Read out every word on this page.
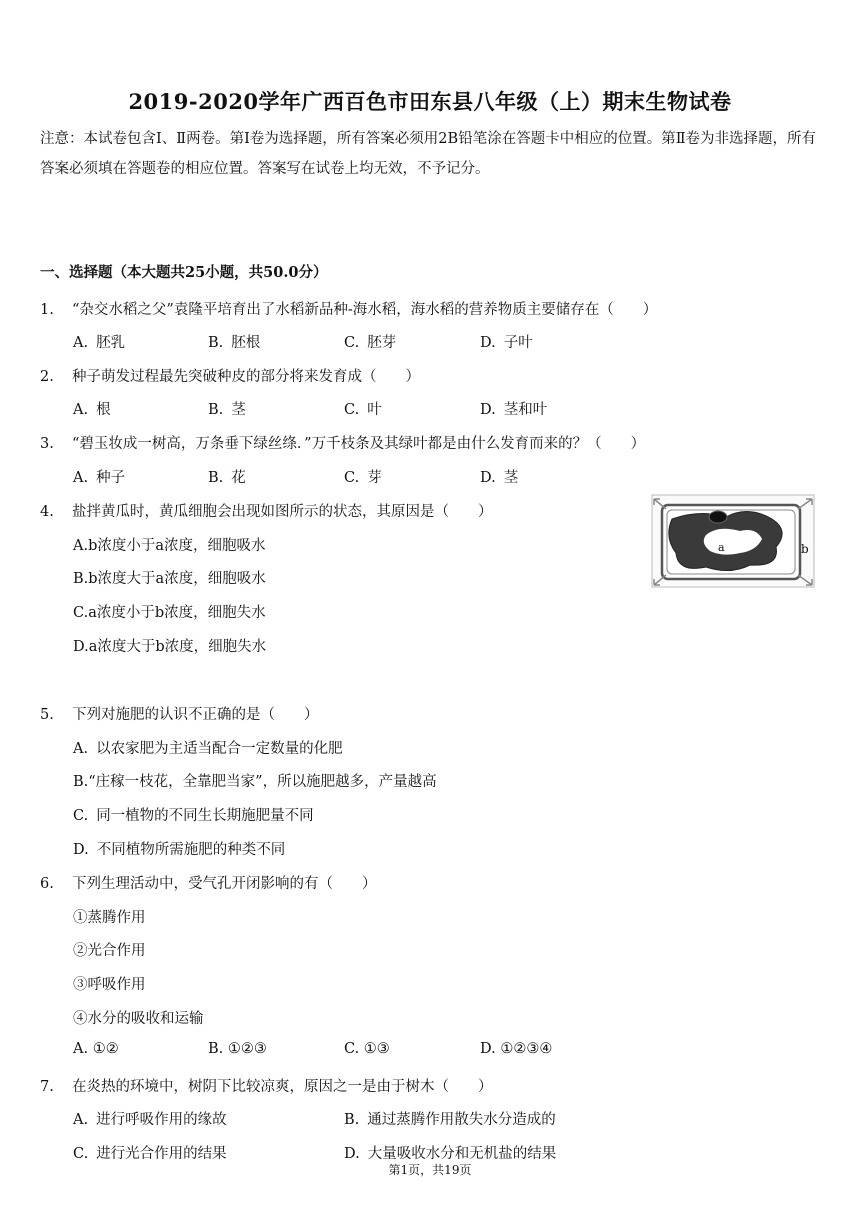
2019-2020学年广西百色市田东县八年级（上）期末生物试卷
注意：本试卷包含Ⅰ、Ⅱ两卷。第Ⅰ卷为选择题，所有答案必须用2B铅笔涂在答题卡中相应的位置。第Ⅱ卷为非选择题，所有答案必须填在答题卷的相应位置。答案写在试卷上均无效，不予记分。
一、选择题（本大题共25小题，共50.0分）
1. “杂交水稻之父”袁隆平培育出了水稻新品种-海水稻，海水稻的营养物质主要储存在（　　）
A. 胚乳	B. 胚根	C. 胚芽	D. 子叶
2. 种子萌发过程最先突破种皮的部分将来发育成（　　）
A. 根	B. 茎	C. 叶	D. 茎和叶
3. “碧玉妆成一树高，万条垂下绿丝绦．”万千枝条及其绿叶都是由什么发育而来的？（　　）
A. 种子	B. 花	C. 芽	D. 茎
4. 盐拌黄瓜时，黄瓜细胞会出现如图所示的状态，其原因是（　　）
A.b浓度小于a浓度，细胞吸水
B.b浓度大于a浓度，细胞吸水
C.a浓度小于b浓度，细胞失水
D.a浓度大于b浓度，细胞失水
a	b
5. 下列对施肥的认识不正确的是（　　）
A. 以农家肥为主适当配合一定数量的化肥
B.“庄稼一枝花，全靠肥当家”，所以施肥越多，产量越高
C. 同一植物的不同生长期施肥量不同
D. 不同植物所需施肥的种类不同
6. 下列生理活动中，受气孔开闭影响的有（　　）
①蒸腾作用
②光合作用
③呼吸作用
④水分的吸收和运输
A. ①②	B. ①②③	C. ①③	D. ①②③④
7. 在炎热的环境中，树阴下比较凉爽，原因之一是由于树木（　　）
A. 进行呼吸作用的缘故	B. 通过蒸腾作用散失水分造成的
C. 进行光合作用的结果	D. 大量吸收水分和无机盐的结果
第1页，共19页
